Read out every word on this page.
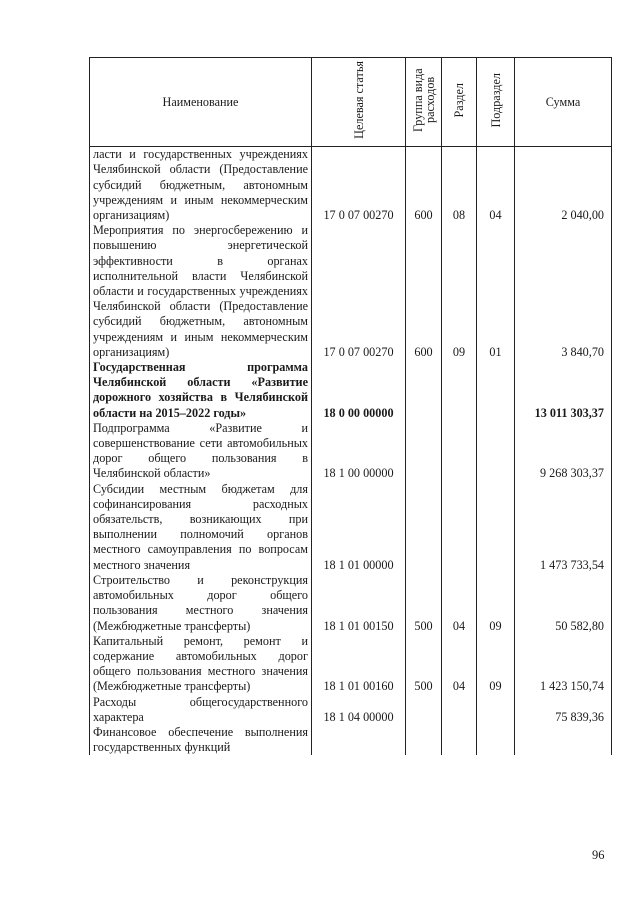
Наименование	Целевая статья	Группа вида расходов	Раздел	Подраздел	Сумма

ласти и государственных учреждениях Челябинской области (Предоставление субсидий бюджетным, автономным учреждениям и иным некоммерческим организациям)	17 0 07 00270	600	08	04	2 040,00

Мероприятия по энергосбережению и повышению энергетической эффективности в органах исполнительной власти Челябинской области и государственных учреждениях Челябинской области (Предоставление субсидий бюджетным, автономным учреждениям и иным некоммерческим организациям)	17 0 07 00270	600	09	01	3 840,70

Государственная программа Челябинской области «Развитие дорожного хозяйства в Челябинской области на 2015–2022 годы»	18 0 00 00000				13 011 303,37

Подпрограмма «Развитие и совершенствование сети автомобильных дорог общего пользования в Челябинской области»	18 1 00 00000				9 268 303,37

Субсидии местным бюджетам для софинансирования расходных обязательств, возникающих при выполнении полномочий органов местного самоуправления по вопросам местного значения	18 1 01 00000				1 473 733,54

Строительство и реконструкция автомобильных дорог общего пользования местного значения (Межбюджетные трансферты)	18 1 01 00150	500	04	09	50 582,80

Капитальный ремонт, ремонт и содержание автомобильных дорог общего пользования местного значения (Межбюджетные трансферты)	18 1 01 00160	500	04	09	1 423 150,74

Расходы общегосударственного характера	18 1 04 00000				75 839,36

Финансовое обеспечение выполнения государственных функций					

96
